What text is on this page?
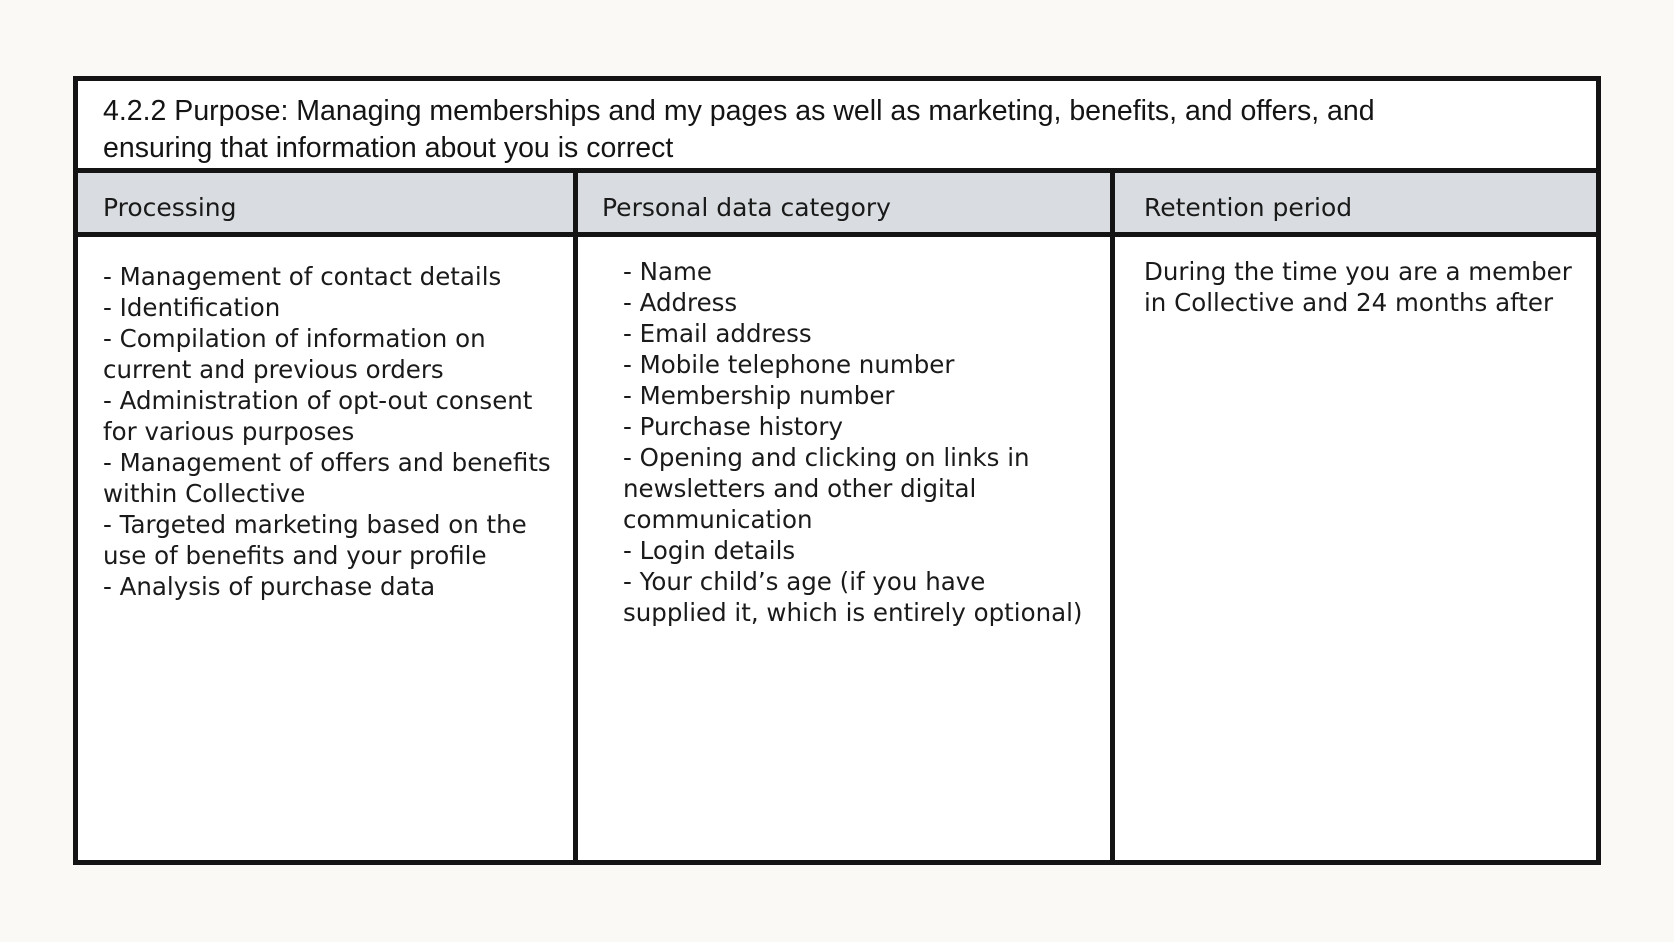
4.2.2 Purpose: Managing memberships and my pages as well as marketing, benefits, and offers, and
ensuring that information about you is correct
Processing	Personal data category	Retention period
- Management of contact details
- Identification
- Compilation of information on
current and previous orders
- Administration of opt-out consent
for various purposes
- Management of offers and benefits
within Collective
- Targeted marketing based on the
use of benefits and your profile
- Analysis of purchase data
- Name
- Address
- Email address
- Mobile telephone number
- Membership number
- Purchase history
- Opening and clicking on links in
newsletters and other digital
communication
- Login details
- Your child’s age (if you have
supplied it, which is entirely optional)
During the time you are a member
in Collective and 24 months after
